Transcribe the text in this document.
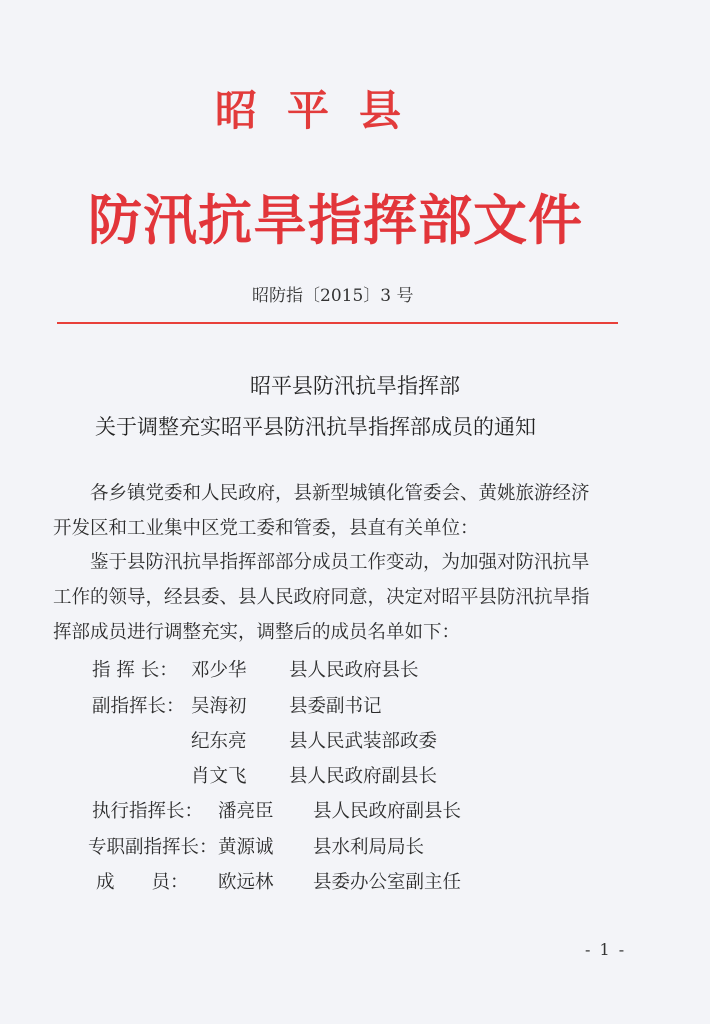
昭平县
防汛抗旱指挥部文件
昭防指〔2015〕3 号
昭平县防汛抗旱指挥部
关于调整充实昭平县防汛抗旱指挥部成员的通知
各乡镇党委和人民政府，县新型城镇化管委会、黄姚旅游经济
开发区和工业集中区党工委和管委，县直有关单位：
鉴于县防汛抗旱指挥部部分成员工作变动，为加强对防汛抗旱
工作的领导，经县委、县人民政府同意，决定对昭平县防汛抗旱指
挥部成员进行调整充实，调整后的成员名单如下：
指 挥 长： 邓少华 县人民政府县长
副指挥长： 吴海初 县委副书记
纪东亮 县人民武装部政委
肖文飞 县人民政府副县长
执行指挥长： 潘亮臣 县人民政府副县长
专职副指挥长： 黄源诚 县水利局局长
成　　员： 欧远林 县委办公室副主任
- 1 -
